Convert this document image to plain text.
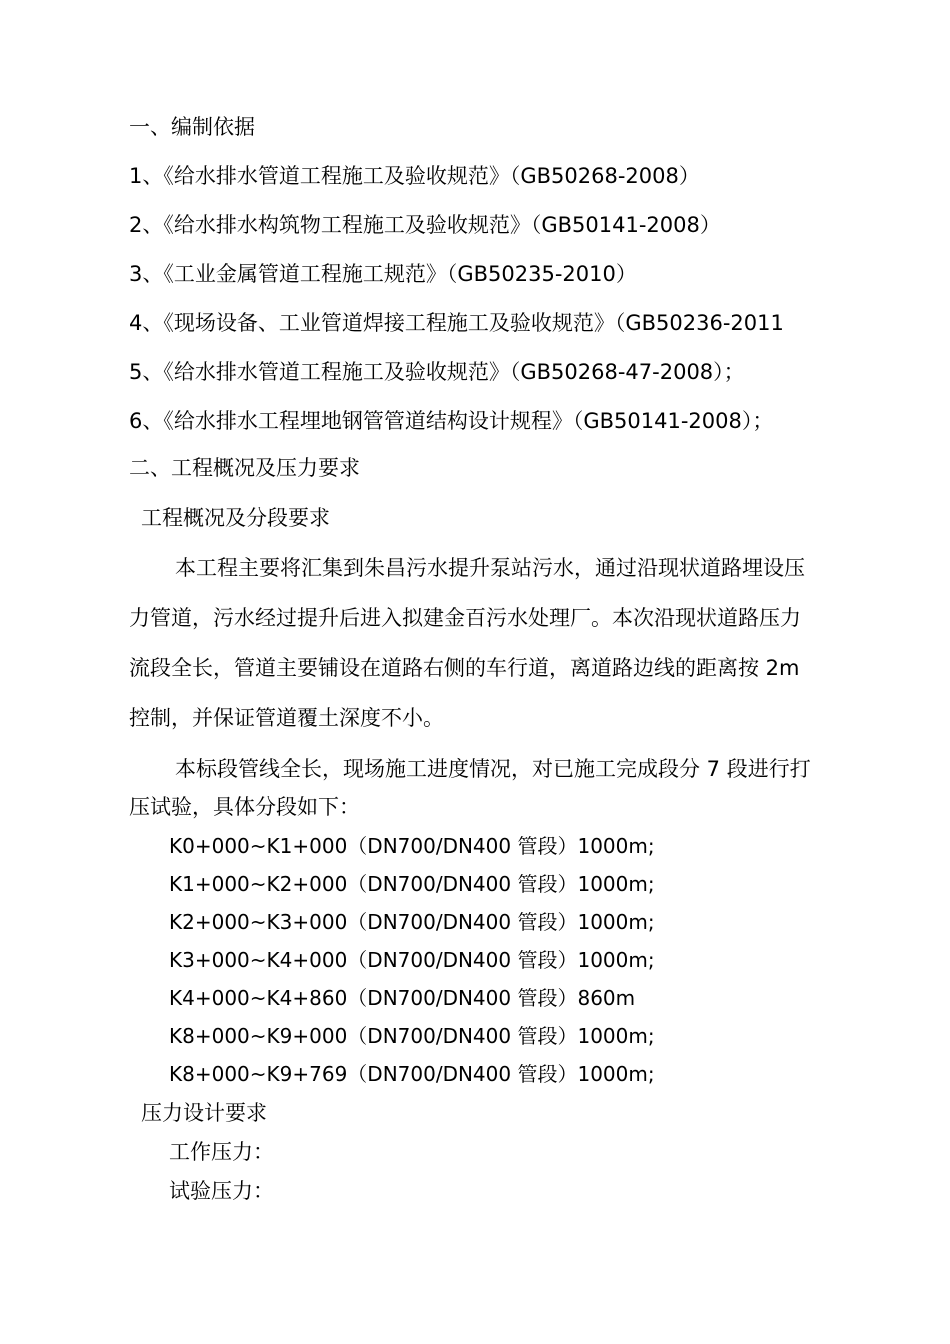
一、编制依据
1、《给水排水管道工程施工及验收规范》（GB50268-2008）
2、《给水排水构筑物工程施工及验收规范》（GB50141-2008）
3、《工业金属管道工程施工规范》（GB50235-2010）
4、《现场设备、工业管道焊接工程施工及验收规范》（GB50236-2011
5、《给水排水管道工程施工及验收规范》（GB50268-47-2008）；
6、《给水排水工程埋地钢管管道结构设计规程》（GB50141-2008）；
二、工程概况及压力要求
工程概况及分段要求
本工程主要将汇集到朱昌污水提升泵站污水，通过沿现状道路埋设压
力管道，污水经过提升后进入拟建金百污水处理厂。本次沿现状道路压力
流段全长，管道主要铺设在道路右侧的车行道，离道路边线的距离按 2m
控制，并保证管道覆土深度不小。
本标段管线全长，现场施工进度情况，对已施工完成段分 7 段进行打
压试验，具体分段如下：
K0+000~K1+000（DN700/DN400 管段）1000m;
K1+000~K2+000（DN700/DN400 管段）1000m;
K2+000~K3+000（DN700/DN400 管段）1000m;
K3+000~K4+000（DN700/DN400 管段）1000m;
K4+000~K4+860（DN700/DN400 管段）860m
K8+000~K9+000（DN700/DN400 管段）1000m;
K8+000~K9+769（DN700/DN400 管段）1000m;
压力设计要求
工作压力：
试验压力：
